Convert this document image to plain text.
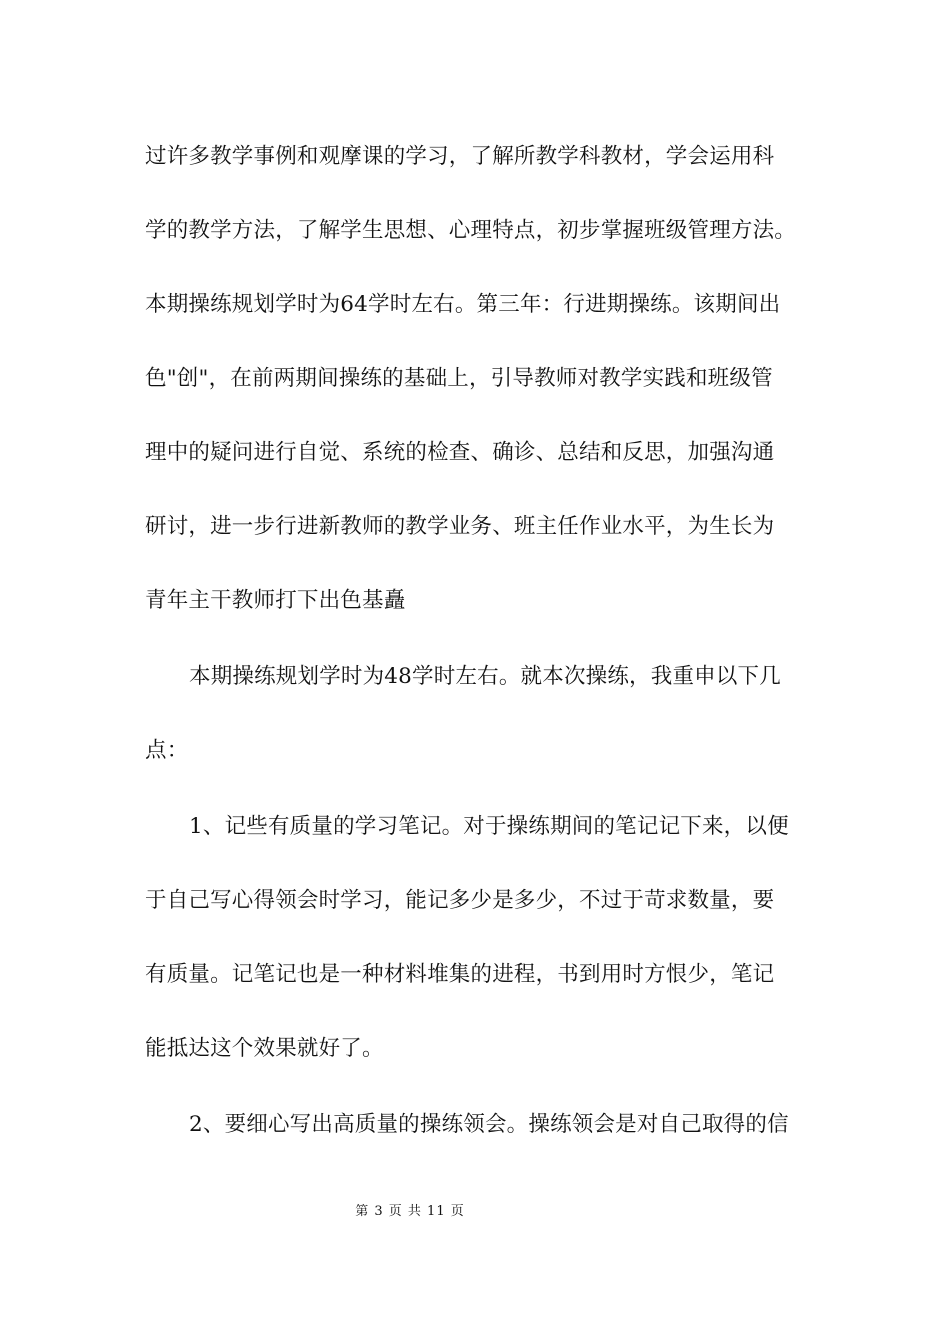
过许多教学事例和观摩课的学习，了解所教学科教材，学会运用科
学的教学方法，了解学生思想、心理特点，初步掌握班级管理方法。
本期操练规划学时为64学时左右。第三年：行进期操练。该期间出
色"创"，在前两期间操练的基础上，引导教师对教学实践和班级管
理中的疑问进行自觉、系统的检查、确诊、总结和反思，加强沟通
研讨，进一步行进新教师的教学业务、班主任作业水平，为生长为
青年主干教师打下出色基矗
本期操练规划学时为48学时左右。就本次操练，我重申以下几
点：
1、记些有质量的学习笔记。对于操练期间的笔记记下来，以便
于自己写心得领会时学习，能记多少是多少，不过于苛求数量，要
有质量。记笔记也是一种材料堆集的进程，书到用时方恨少，笔记
能抵达这个效果就好了。
2、要细心写出高质量的操练领会。操练领会是对自己取得的信
第 3 页 共 11 页
